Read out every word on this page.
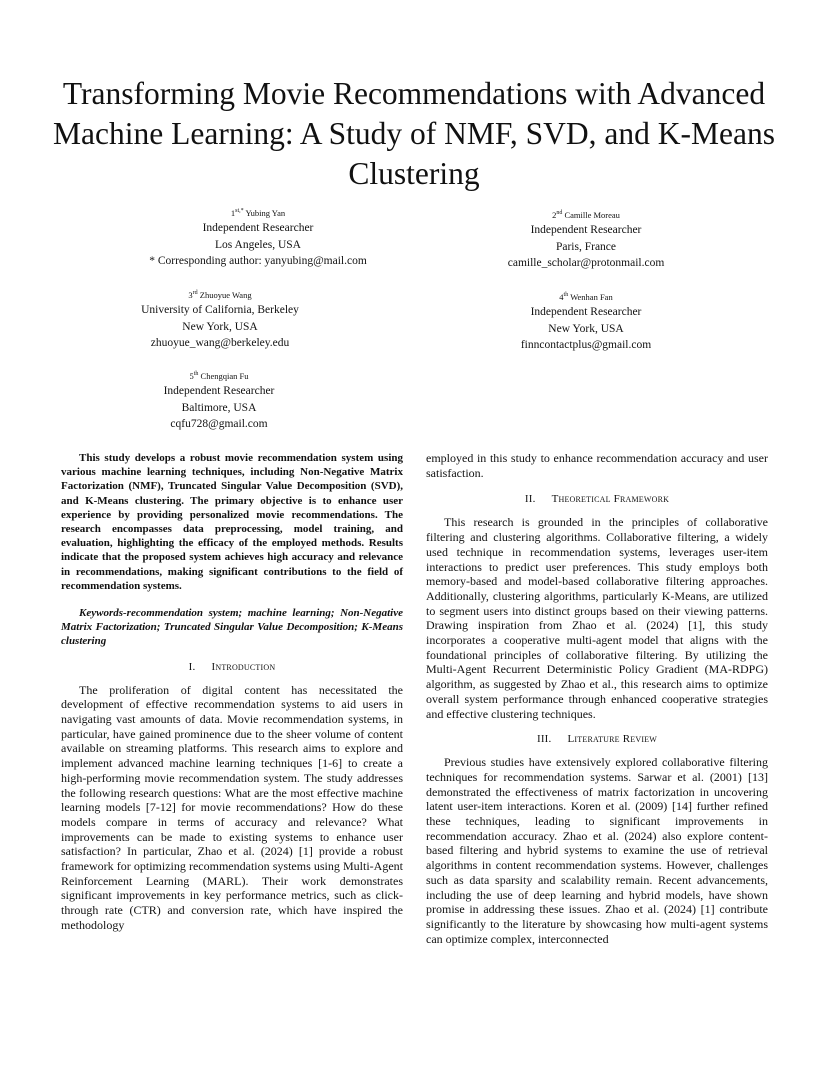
Transforming Movie Recommendations with Advanced Machine Learning: A Study of NMF, SVD, and K-Means Clustering
$1^{st,*}$ Yubing Yan
Independent Researcher
Los Angeles, USA
* Corresponding author: yanyubing@mail.com
2nd Camille Moreau
Independent Researcher
Paris, France
camille_scholar@protonmail.com
3rd Zhuoyue Wang
University of California, Berkeley
New York, USA
zhuoyue_wang@berkeley.edu
4th Wenhan Fan
Independent Researcher
New York, USA
finncontactplus@gmail.com
5th Chengqian Fu
Independent Researcher
Baltimore, USA
cqfu728@gmail.com

This study develops a robust movie recommendation system using various machine learning techniques, including Non-Negative Matrix Factorization (NMF), Truncated Singular Value Decomposition (SVD), and K-Means clustering. The primary objective is to enhance user experience by providing personalized movie recommendations. The research encompasses data preprocessing, model training, and evaluation, highlighting the efficacy of the employed methods. Results indicate that the proposed system achieves high accuracy and relevance in recommendations, making significant contributions to the field of recommendation systems.

Keywords-recommendation system; machine learning; Non-Negative Matrix Factorization; Truncated Singular Value Decomposition; K-Means clustering

I. Introduction

The proliferation of digital content has necessitated the development of effective recommendation systems to aid users in navigating vast amounts of data. Movie recommendation systems, in particular, have gained prominence due to the sheer volume of content available on streaming platforms. This research aims to explore and implement advanced machine learning techniques [1-6] to create a high-performing movie recommendation system. The study addresses the following research questions: What are the most effective machine learning models [7-12] for movie recommendations? How do these models compare in terms of accuracy and relevance? What improvements can be made to existing systems to enhance user satisfaction? In particular, Zhao et al. (2024) [1] provide a robust framework for optimizing recommendation systems using Multi-Agent Reinforcement Learning (MARL). Their work demonstrates significant improvements in key performance metrics, such as click-through rate (CTR) and conversion rate, which have inspired the methodology

employed in this study to enhance recommendation accuracy and user satisfaction.

II. Theoretical Framework

This research is grounded in the principles of collaborative filtering and clustering algorithms. Collaborative filtering, a widely used technique in recommendation systems, leverages user-item interactions to predict user preferences. This study employs both memory-based and model-based collaborative filtering approaches. Additionally, clustering algorithms, particularly K-Means, are utilized to segment users into distinct groups based on their viewing patterns. Drawing inspiration from Zhao et al. (2024) [1], this study incorporates a cooperative multi-agent model that aligns with the foundational principles of collaborative filtering. By utilizing the Multi-Agent Recurrent Deterministic Policy Gradient (MA-RDPG) algorithm, as suggested by Zhao et al., this research aims to optimize overall system performance through enhanced cooperative strategies and effective clustering techniques.

III. Literature Review

Previous studies have extensively explored collaborative filtering techniques for recommendation systems. Sarwar et al. (2001) [13] demonstrated the effectiveness of matrix factorization in uncovering latent user-item interactions. Koren et al. (2009) [14] further refined these techniques, leading to significant improvements in recommendation accuracy. Zhao et al. (2024) also explore content-based filtering and hybrid systems to examine the use of retrieval algorithms in content recommendation systems. However, challenges such as data sparsity and scalability remain. Recent advancements, including the use of deep learning and hybrid models, have shown promise in addressing these issues. Zhao et al. (2024) [1] contribute significantly to the literature by showcasing how multi-agent systems can optimize complex, interconnected
